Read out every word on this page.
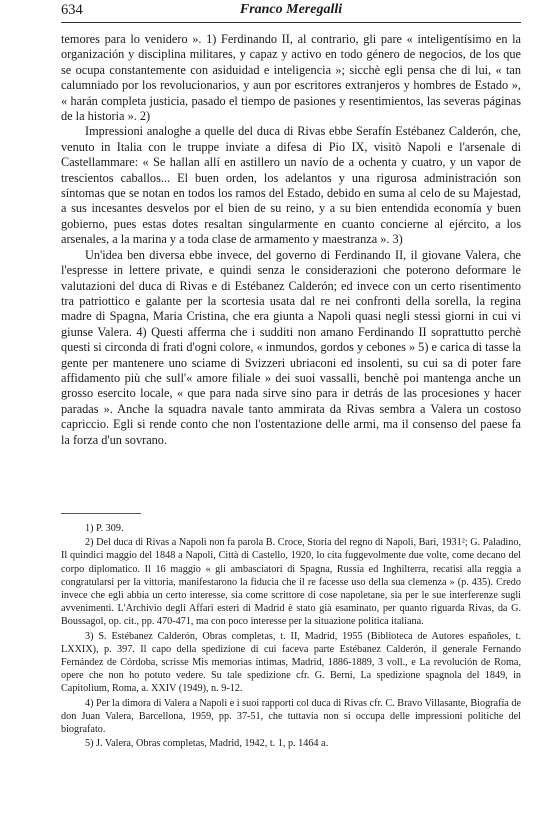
634	Franco Meregalli

temores para lo venidero ». 1) Ferdinando II, al contrario, gli pare « inteligentísimo en la organización y disciplina militares, y capaz y activo en todo género de negocios, de los que se ocupa constantemente con asiduidad e inteligencia »; sicchè egli pensa che di lui, « tan calumniado por los revolucionarios, y aun por escritores extranjeros y hombres de Estado », « harán completa justicia, pasado el tiempo de pasiones y resentimientos, las severas páginas de la historia ». 2)

Impressioni analoghe a quelle del duca di Rivas ebbe Serafín Estébanez Calderón, che, venuto in Italia con le truppe inviate a difesa di Pio IX, visitò Napoli e l'arsenale di Castellammare: « Se hallan allí en astillero un navío de a ochenta y cuatro, y un vapor de trescientos caballos... El buen orden, los adelantos y una rigurosa administración son síntomas que se notan en todos los ramos del Estado, debido en suma al celo de su Majestad, a sus incesantes desvelos por el bien de su reino, y a su bien entendida economía y buen gobierno, pues estas dotes resaltan singularmente en cuanto concierne al ejército, a los arsenales, a la marina y a toda clase de armamento y maestranza ». 3)

Un'idea ben diversa ebbe invece, del governo di Ferdinando II, il giovane Valera, che l'espresse in lettere private, e quindi senza le considerazioni che poterono deformare le valutazioni del duca di Rivas e di Estébanez Calderón; ed invece con un certo risentimento tra patriottico e galante per la scortesia usata dal re nei confronti della sorella, la regina madre di Spagna, Maria Cristina, che era giunta a Napoli quasi negli stessi giorni in cui vi giunse Valera. 4) Questi afferma che i sudditi non amano Ferdinando II soprattutto perchè questi si circonda di frati d'ogni colore, « inmundos, gordos y cebones » 5) e carica di tasse la gente per mantenere uno sciame di Svizzeri ubriaconi ed insolenti, su cui sa di poter fare affidamento più che sull'« amore filiale » dei suoi vassalli, benchè poi mantenga anche un grosso esercito locale, « que para nada sirve sino para ir detrás de las procesiones y hacer paradas ». Anche la squadra navale tanto ammirata da Rivas sembra a Valera un costoso capriccio. Egli si rende conto che non l'ostentazione delle armi, ma il consenso del paese fa la forza d'un sovrano.

1) P. 309.

2) Del duca di Rivas a Napoli non fa parola B. Croce, Storia del regno di Napoli, Bari, 1931²; G. Paladino, Il quindici maggio del 1848 a Napoli, Città di Castello, 1920, lo cita fuggevolmente due volte, come decano del corpo diplomatico. Il 16 maggio « gli ambasciatori di Spagna, Russia ed Inghilterra, recatisi alla reggia a congratularsi per la vittoria, manifestarono la fiducia che il re facesse uso della sua clemenza » (p. 435). Credo invece che egli abbia un certo interesse, sia come scrittore di cose napoletane, sia per le sue interferenze sugli avvenimenti. L'Archivio degli Affari esteri di Madrid è stato già esaminato, per quanto riguarda Rivas, da G. Boussagol, op. cit., pp. 470-471, ma con poco interesse per la situazione politica italiana.

3) S. Estébanez Calderón, Obras completas, t. II, Madrid, 1955 (Biblioteca de Autores españoles, t. LXXIX), p. 397. Il capo della spedizione di cui faceva parte Estébanez Calderón, il generale Fernando Fernández de Córdoba, scrisse Mis memorias íntimas, Madrid, 1886-1889, 3 voll., e La revolución de Roma, opere che non ho potuto vedere. Su tale spedizione cfr. G. Berni, La spedizione spagnola del 1849, in Capitolium, Roma, a. XXIV (1949), n. 9-12.

4) Per la dimora di Valera a Napoli e i suoi rapporti col duca di Rivas cfr. C. Bravo Villasante, Biografía de don Juan Valera, Barcellona, 1959, pp. 37-51, che tuttavia non si occupa delle impressioni politiche del biografato.

5) J. Valera, Obras completas, Madrid, 1942, t. 1, p. 1464 a.
